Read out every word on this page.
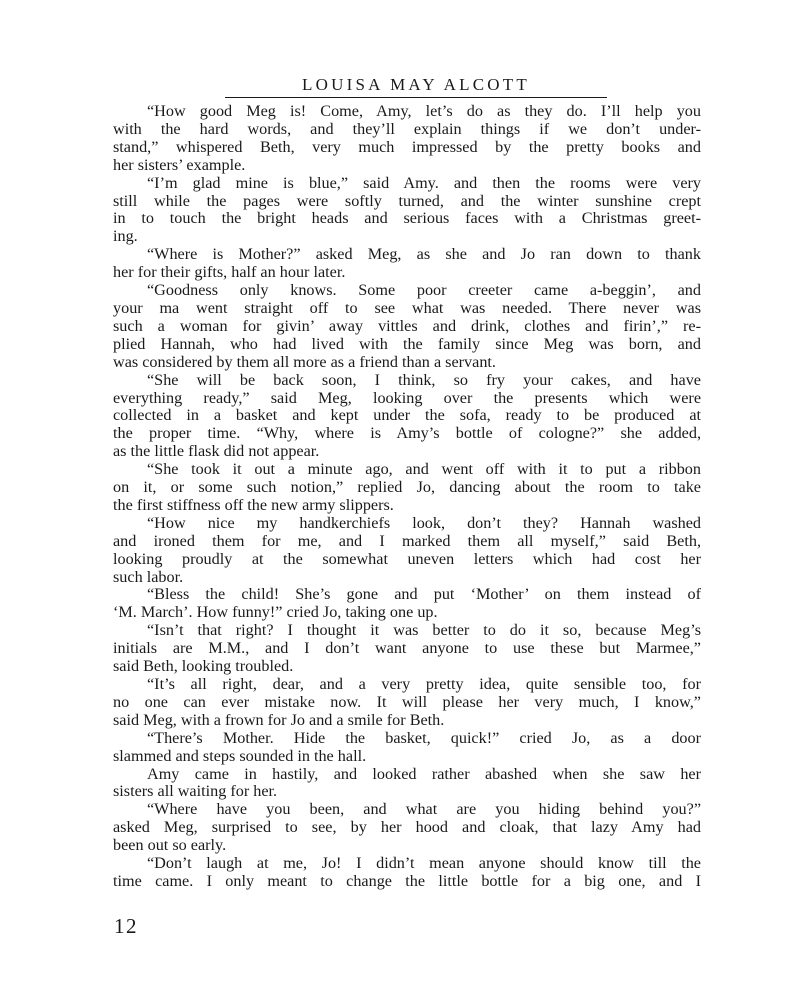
LOUISA MAY ALCOTT
“How good Meg is! Come, Amy, let’s do as they do. I’ll help you
with the hard words, and they’ll explain things if we don’t under-
stand,” whispered Beth, very much impressed by the pretty books and
her sisters’ example.
“I’m glad mine is blue,” said Amy. and then the rooms were very
still while the pages were softly turned, and the winter sunshine crept
in to touch the bright heads and serious faces with a Christmas greet-
ing.
“Where is Mother?” asked Meg, as she and Jo ran down to thank
her for their gifts, half an hour later.
“Goodness only knows. Some poor creeter came a-beggin’, and
your ma went straight off to see what was needed. There never was
such a woman for givin’ away vittles and drink, clothes and firin’,” re-
plied Hannah, who had lived with the family since Meg was born, and
was considered by them all more as a friend than a servant.
“She will be back soon, I think, so fry your cakes, and have
everything ready,” said Meg, looking over the presents which were
collected in a basket and kept under the sofa, ready to be produced at
the proper time. “Why, where is Amy’s bottle of cologne?” she added,
as the little flask did not appear.
“She took it out a minute ago, and went off with it to put a ribbon
on it, or some such notion,” replied Jo, dancing about the room to take
the first stiffness off the new army slippers.
“How nice my handkerchiefs look, don’t they? Hannah washed
and ironed them for me, and I marked them all myself,” said Beth,
looking proudly at the somewhat uneven letters which had cost her
such labor.
“Bless the child! She’s gone and put ‘Mother’ on them instead of
‘M. March’. How funny!” cried Jo, taking one up.
“Isn’t that right? I thought it was better to do it so, because Meg’s
initials are M.M., and I don’t want anyone to use these but Marmee,”
said Beth, looking troubled.
“It’s all right, dear, and a very pretty idea, quite sensible too, for
no one can ever mistake now. It will please her very much, I know,”
said Meg, with a frown for Jo and a smile for Beth.
“There’s Mother. Hide the basket, quick!” cried Jo, as a door
slammed and steps sounded in the hall.
Amy came in hastily, and looked rather abashed when she saw her
sisters all waiting for her.
“Where have you been, and what are you hiding behind you?”
asked Meg, surprised to see, by her hood and cloak, that lazy Amy had
been out so early.
“Don’t laugh at me, Jo! I didn’t mean anyone should know till the
time came. I only meant to change the little bottle for a big one, and I
12
